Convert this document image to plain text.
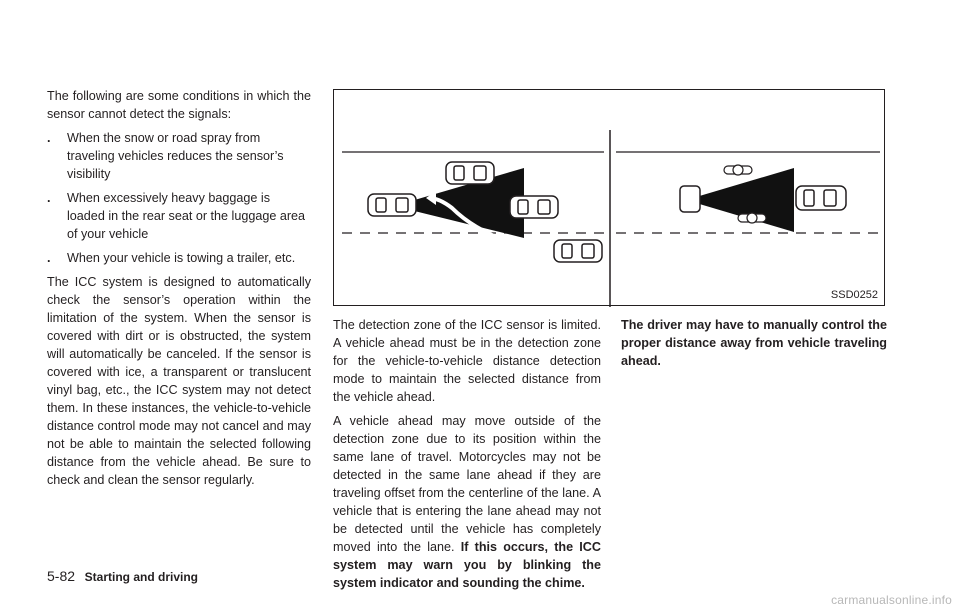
The following are some conditions in which the sensor cannot detect the signals:

. When the snow or road spray from traveling vehicles reduces the sensor’s visibility
. When excessively heavy baggage is loaded in the rear seat or the luggage area of your vehicle
. When your vehicle is towing a trailer, etc.

The ICC system is designed to automatically check the sensor’s operation within the limitation of the system. When the sensor is covered with dirt or is obstructed, the system will automatically be canceled. If the sensor is covered with ice, a transparent or translucent vinyl bag, etc., the ICC system may not detect them. In these instances, the vehicle-to-vehicle distance control mode may not cancel and may not be able to maintain the selected following distance from the vehicle ahead. Be sure to check and clean the sensor regularly.

SSD0252

The detection zone of the ICC sensor is limited. A vehicle ahead must be in the detection zone for the vehicle-to-vehicle distance detection mode to maintain the selected distance from the vehicle ahead.

A vehicle ahead may move outside of the detection zone due to its position within the same lane of travel. Motorcycles may not be detected in the same lane ahead if they are traveling offset from the centerline of the lane. A vehicle that is entering the lane ahead may not be detected until the vehicle has completely moved into the lane. If this occurs, the ICC system may warn you by blinking the system indicator and sounding the chime.

The driver may have to manually control the proper distance away from vehicle traveling ahead.

5-82 Starting and driving
carmanualsonline.info
